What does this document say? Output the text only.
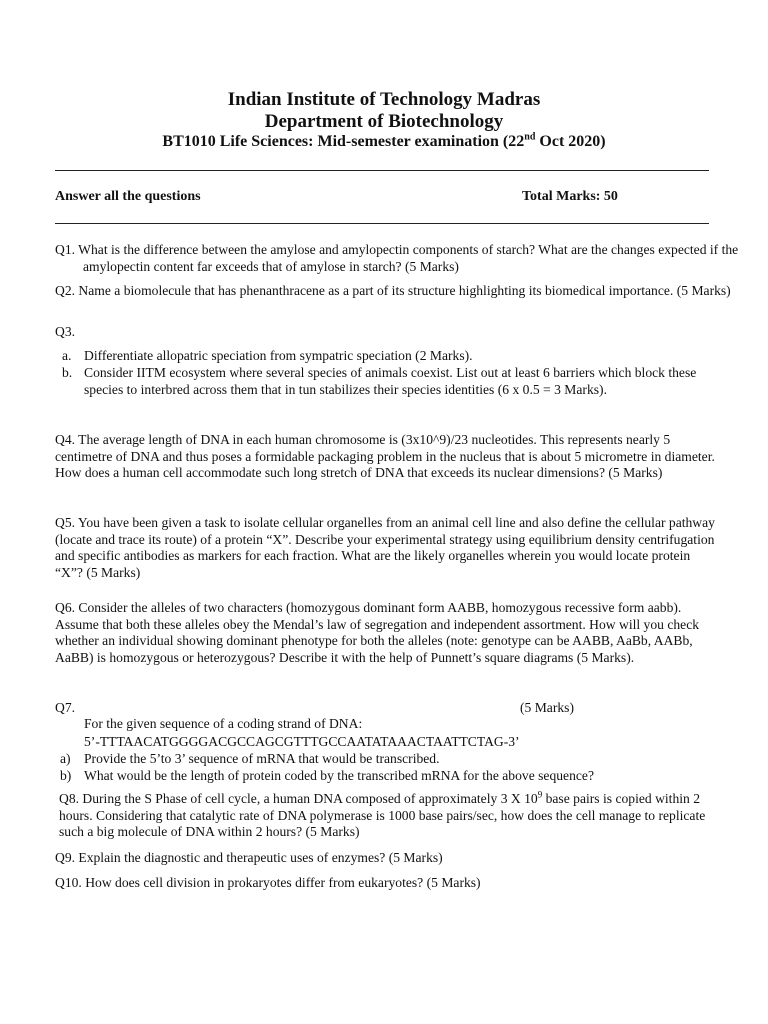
Indian Institute of Technology Madras
Department of Biotechnology
BT1010 Life Sciences: Mid-semester examination (22nd Oct 2020)
Answer all the questions	Total Marks: 50
Q1. What is the difference between the amylose and amylopectin components of starch? What are the changes expected if the amylopectin content far exceeds that of amylose in starch? (5 Marks)
Q2. Name a biomolecule that has phenanthracene as a part of its structure highlighting its biomedical importance. (5 Marks)
Q3.
a. Differentiate allopatric speciation from sympatric speciation (2 Marks).
b. Consider IITM ecosystem where several species of animals coexist. List out at least 6 barriers which block these species to interbred across them that in tun stabilizes their species identities (6 x 0.5 = 3 Marks).
Q4. The average length of DNA in each human chromosome is (3x10^9)/23 nucleotides. This represents nearly 5 centimetre of DNA and thus poses a formidable packaging problem in the nucleus that is about 5 micrometre in diameter. How does a human cell accommodate such long stretch of DNA that exceeds its nuclear dimensions? (5 Marks)
Q5. You have been given a task to isolate cellular organelles from an animal cell line and also define the cellular pathway (locate and trace its route) of a protein “X”. Describe your experimental strategy using equilibrium density centrifugation and specific antibodies as markers for each fraction. What are the likely organelles wherein you would locate protein “X”? (5 Marks)
Q6. Consider the alleles of two characters (homozygous dominant form AABB, homozygous recessive form aabb). Assume that both these alleles obey the Mendal’s law of segregation and independent assortment. How will you check whether an individual showing dominant phenotype for both the alleles (note: genotype can be AABB, AaBb, AABb, AaBB) is homozygous or heterozygous? Describe it with the help of Punnett’s square diagrams (5 Marks).
Q7.	(5 Marks)
For the given sequence of a coding strand of DNA:
5’-TTTAACATGGGGACGCCAGCGTTTGCCAATATAAACTAATTCTAG-3’
a) Provide the 5’to 3’ sequence of mRNA that would be transcribed.
b) What would be the length of protein coded by the transcribed mRNA for the above sequence?
Q8. During the S Phase of cell cycle, a human DNA composed of approximately 3 X $10^9$ base pairs is copied within 2 hours. Considering that catalytic rate of DNA polymerase is 1000 base pairs/sec, how does the cell manage to replicate such a big molecule of DNA within 2 hours? (5 Marks)
Q9. Explain the diagnostic and therapeutic uses of enzymes? (5 Marks)
Q10. How does cell division in prokaryotes differ from eukaryotes? (5 Marks)
